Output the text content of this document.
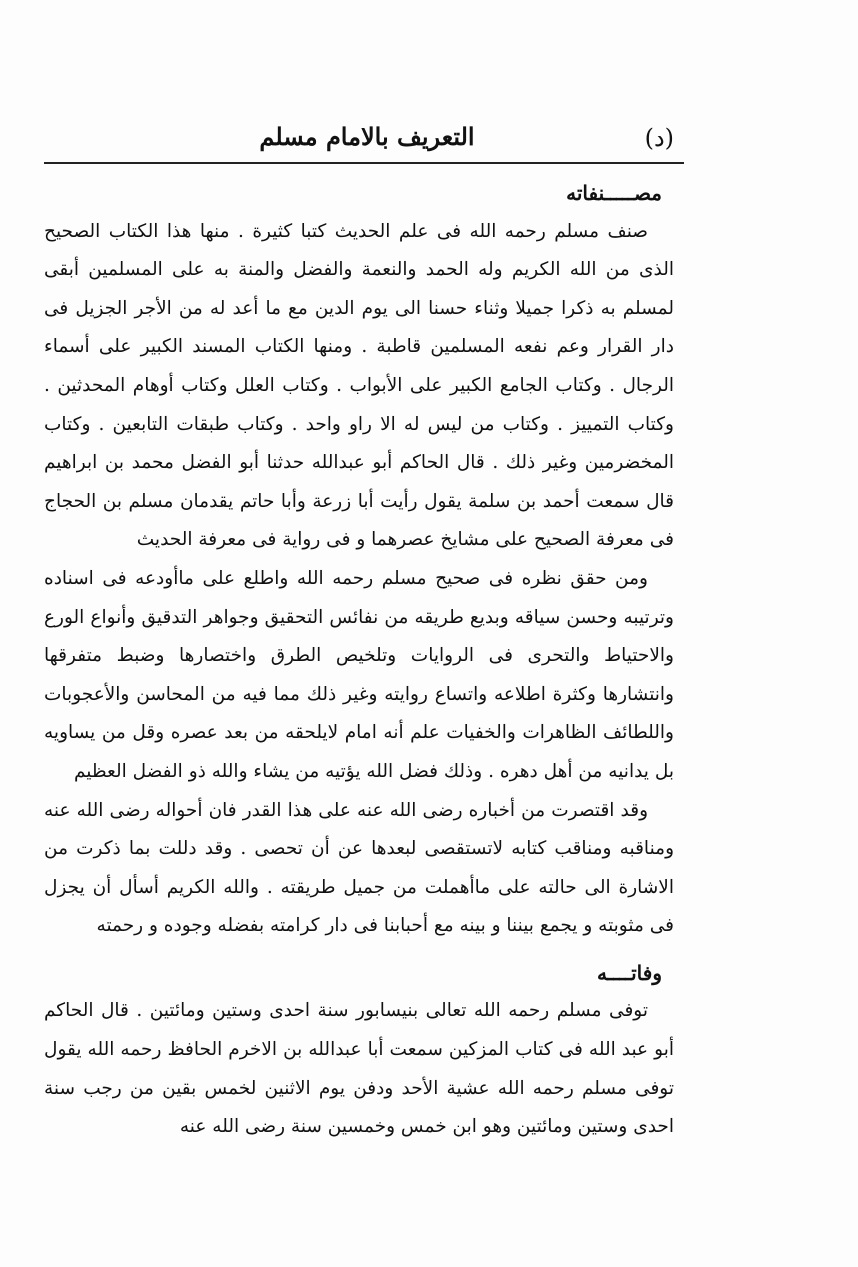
(د)
التعريف بالامام مسلم
مصـــــنفاته

صنف مسلم رحمه الله فى علم الحديث كتبا كثيرة . منها هذا الكتاب الصحيح الذى من الله الكريم وله الحمد والنعمة والفضل والمنة به على المسلمين أبقى لمسلم به ذكرا جميلا وثناء حسنا الى يوم الدين مع ما أعد له من الأجر الجزيل فى دار القرار وعم نفعه المسلمين قاطبة . ومنها الكتاب المسند الكبير على أسماء الرجال . وكتاب الجامع الكبير على الأبواب . وكتاب العلل وكتاب أوهام المحدثين . وكتاب التمييز . وكتاب من ليس له الا راو واحد . وكتاب طبقات التابعين . وكتاب المخضرمين وغير ذلك . قال الحاكم أبو عبدالله حدثنا أبو الفضل محمد بن ابراهيم قال سمعت أحمد بن سلمة يقول رأيت أبا زرعة وأبا حاتم يقدمان مسلم بن الحجاج فى معرفة الصحيح على مشايخ عصرهما و فى رواية فى معرفة الحديث

ومن حقق نظره فى صحيح مسلم رحمه الله واطلع على ماأودعه فى اسناده وترتيبه وحسن سياقه وبديع طريقه من نفائس التحقيق وجواهر التدقيق وأنواع الورع والاحتياط والتحرى فى الروايات وتلخيص الطرق واختصارها وضبط متفرقها وانتشارها وكثرة اطلاعه واتساع روايته وغير ذلك مما فيه من المحاسن والأعجوبات واللطائف الظاهرات والخفيات علم أنه امام لايلحقه من بعد عصره وقل من يساويه بل يدانيه من أهل دهره . وذلك فضل الله يؤتيه من يشاء والله ذو الفضل العظيم

وقد اقتصرت من أخباره رضى الله عنه على هذا القدر فان أحواله رضى الله عنه ومناقبه ومناقب كتابه لاتستقصى لبعدها عن أن تحصى . وقد دللت بما ذكرت من الاشارة الى حالته على ماأهملت من جميل طريقته . والله الكريم أسأل أن يجزل فى مثوبته و يجمع بيننا و بينه مع أحبابنا فى دار كرامته بفضله وجوده و رحمته

وفاتــــه

توفى مسلم رحمه الله تعالى بنيسابور سنة احدى وستين ومائتين . قال الحاكم أبو عبد الله فى كتاب المزكين سمعت أبا عبدالله بن الاخرم الحافظ رحمه الله يقول توفى مسلم رحمه الله عشية الأحد ودفن يوم الاثنين لخمس بقين من رجب سنة احدى وستين ومائتين وهو ابن خمس وخمسين سنة رضى الله عنه
